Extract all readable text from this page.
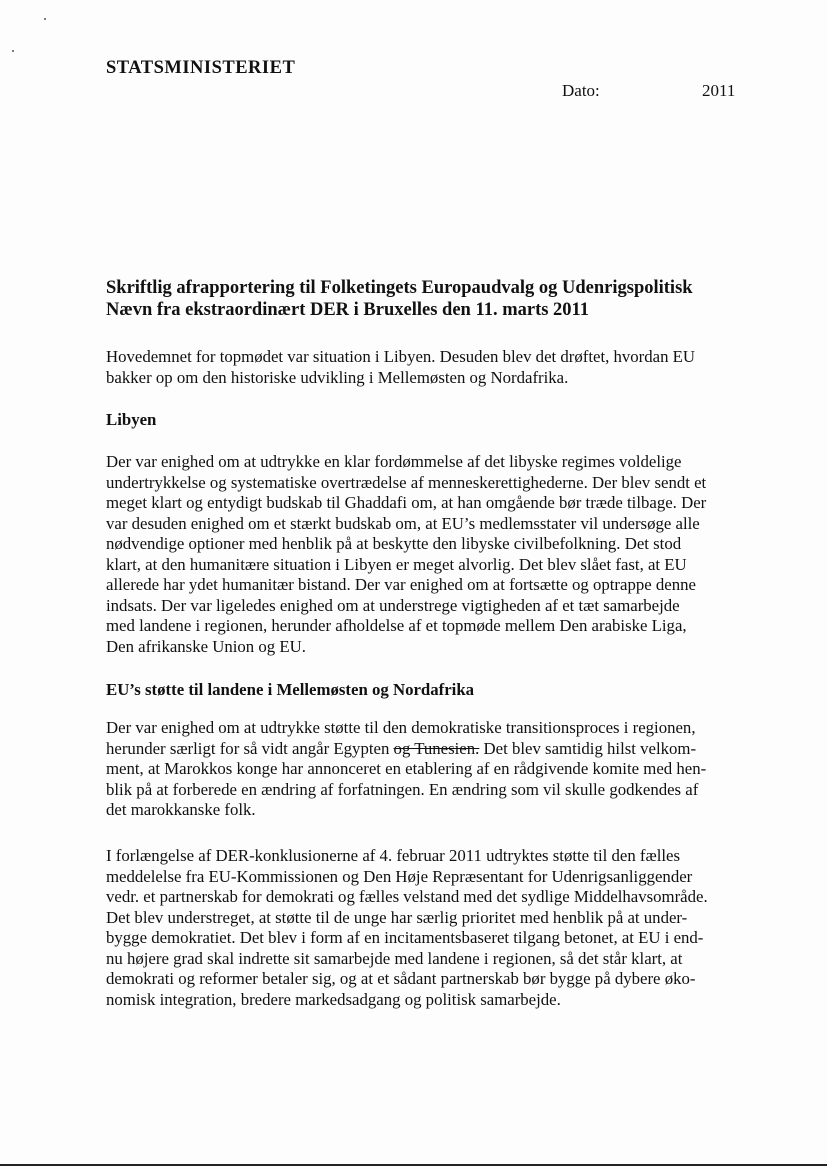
STATSMINISTERIET
Dato:	2011
Skriftlig afrapportering til Folketingets Europaudvalg og Udenrigspolitisk
Nævn fra ekstraordinært DER i Bruxelles den 11. marts 2011

Hovedemnet for topmødet var situation i Libyen. Desuden blev det drøftet, hvordan EU
bakker op om den historiske udvikling i Mellemøsten og Nordafrika.

Libyen

Der var enighed om at udtrykke en klar fordømmelse af det libyske regimes voldelige
undertrykkelse og systematiske overtrædelse af menneskerettighederne. Der blev sendt et
meget klart og entydigt budskab til Ghaddafi om, at han omgående bør træde tilbage. Der
var desuden enighed om et stærkt budskab om, at EU’s medlemsstater vil undersøge alle
nødvendige optioner med henblik på at beskytte den libyske civilbefolkning. Det stod
klart, at den humanitære situation i Libyen er meget alvorlig. Det blev slået fast, at EU
allerede har ydet humanitær bistand. Der var enighed om at fortsætte og optrappe denne
indsats. Der var ligeledes enighed om at understrege vigtigheden af et tæt samarbejde
med landene i regionen, herunder afholdelse af et topmøde mellem Den arabiske Liga,
Den afrikanske Union og EU.

EU’s støtte til landene i Mellemøsten og Nordafrika

Der var enighed om at udtrykke støtte til den demokratiske transitionsproces i regionen,
herunder særligt for så vidt angår Egypten og Tunesien. Det blev samtidig hilst velkom-
ment, at Marokkos konge har annonceret en etablering af en rådgivende komite med hen-
blik på at forberede en ændring af forfatningen. En ændring som vil skulle godkendes af
det marokkanske folk.

I forlængelse af DER-konklusionerne af 4. februar 2011 udtryktes støtte til den fælles
meddelelse fra EU-Kommissionen og Den Høje Repræsentant for Udenrigsanliggender
vedr. et partnerskab for demokrati og fælles velstand med det sydlige Middelhavsområde.
Det blev understreget, at støtte til de unge har særlig prioritet med henblik på at under-
bygge demokratiet. Det blev i form af en incitamentsbaseret tilgang betonet, at EU i end-
nu højere grad skal indrette sit samarbejde med landene i regionen, så det står klart, at
demokrati og reformer betaler sig, og at et sådant partnerskab bør bygge på dybere øko-
nomisk integration, bredere markedsadgang og politisk samarbejde.
